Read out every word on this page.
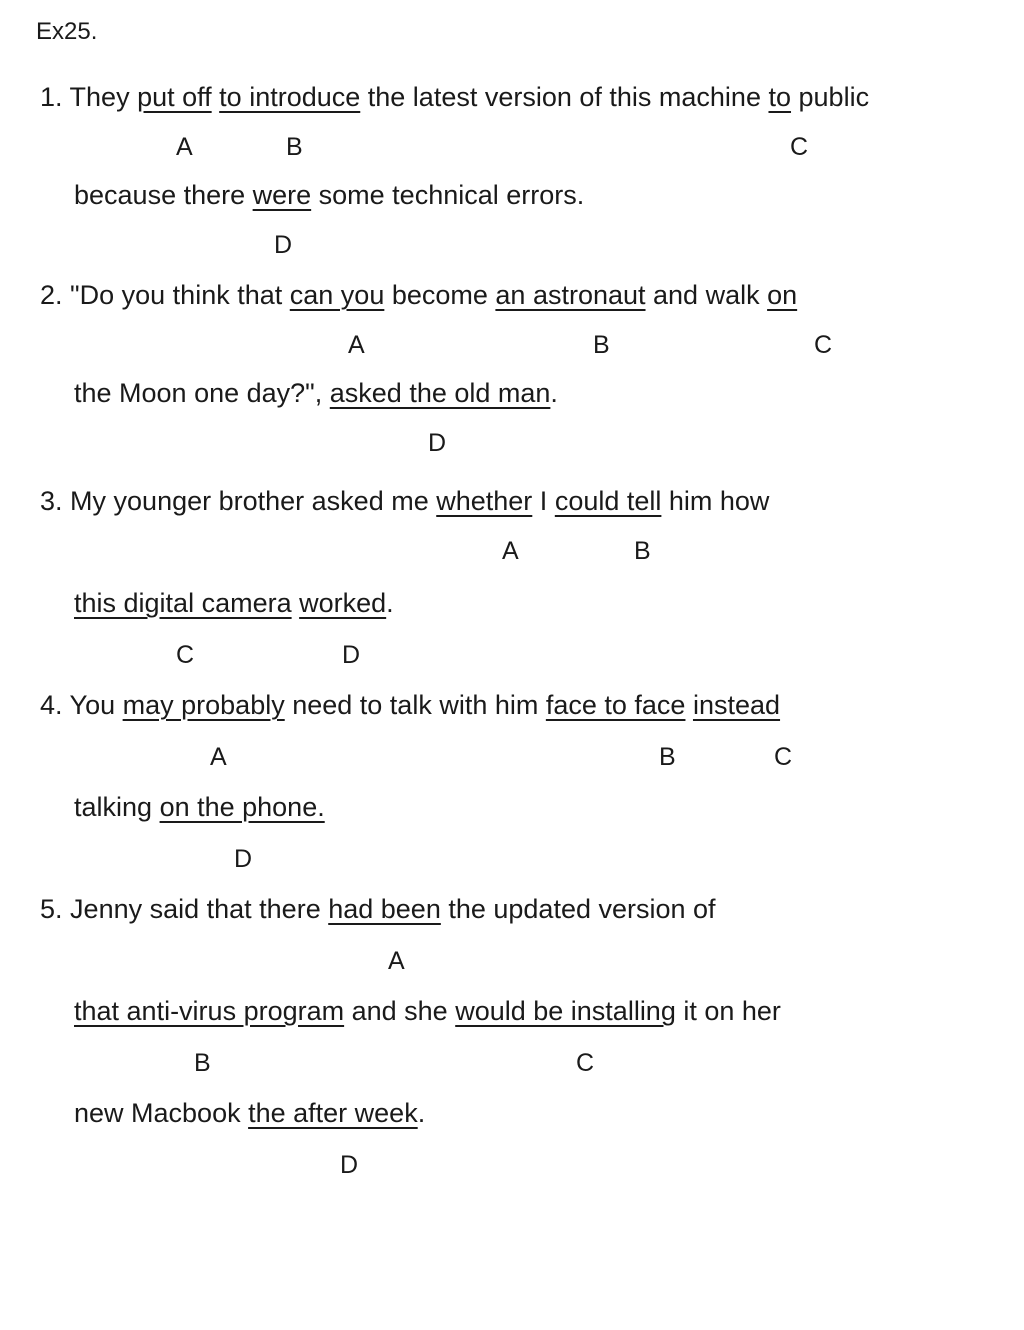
Ex25.
1. They put off to introduce the latest version of this machine to public
A	B	C
because there were some technical errors.
D
2. "Do you think that can you become an astronaut and walk on
A	B	C
the Moon one day?", asked the old man.
D
3. My younger brother asked me whether I could tell him how
A	B
this digital camera worked.
C	D
4. You may probably need to talk with him face to face instead
A	B	C
talking on the phone.
D
5. Jenny said that there had been the updated version of
A
that anti-virus program and she would be installing it on her
B	C
new Macbook the after week.
D
